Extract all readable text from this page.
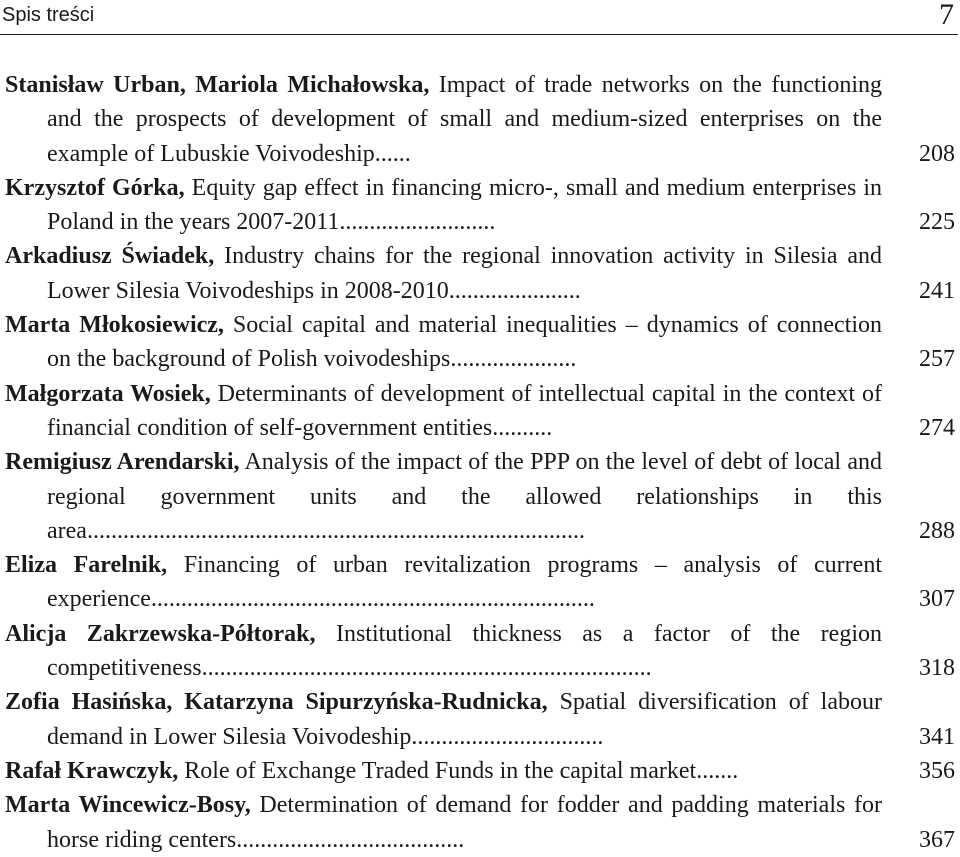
Spis treści	7
Stanisław Urban, Mariola Michałowska, Impact of trade networks on the functioning and the prospects of development of small and medium-sized enterprises on the example of Lubuskie Voivodeship......	208
Krzysztof Górka, Equity gap effect in financing micro-, small and medium enterprises in Poland in the years 2007-2011..........................	225
Arkadiusz Świadek, Industry chains for the regional innovation activity in Silesia and Lower Silesia Voivodeships in 2008-2010......................	241
Marta Młokosiewicz, Social capital and material inequalities – dynamics of connection on the background of Polish voivodeships.....................	257
Małgorzata Wosiek, Determinants of development of intellectual capital in the context of financial condition of self-government entities..........	274
Remigiusz Arendarski, Analysis of the impact of the PPP on the level of debt of local and regional government units and the allowed relationships in this area...................................................................................	288
Eliza Farelnik, Financing of urban revitalization programs – analysis of current experience..........................................................................	307
Alicja Zakrzewska-Półtorak, Institutional thickness as a factor of the region competitiveness...........................................................................	318
Zofia Hasińska, Katarzyna Sipurzyńska-Rudnicka, Spatial diversification of labour demand in Lower Silesia Voivodeship................................	341
Rafał Krawczyk, Role of Exchange Traded Funds in the capital market.......	356
Marta Wincewicz-Bosy, Determination of demand for fodder and padding materials for horse riding centers......................................	367
